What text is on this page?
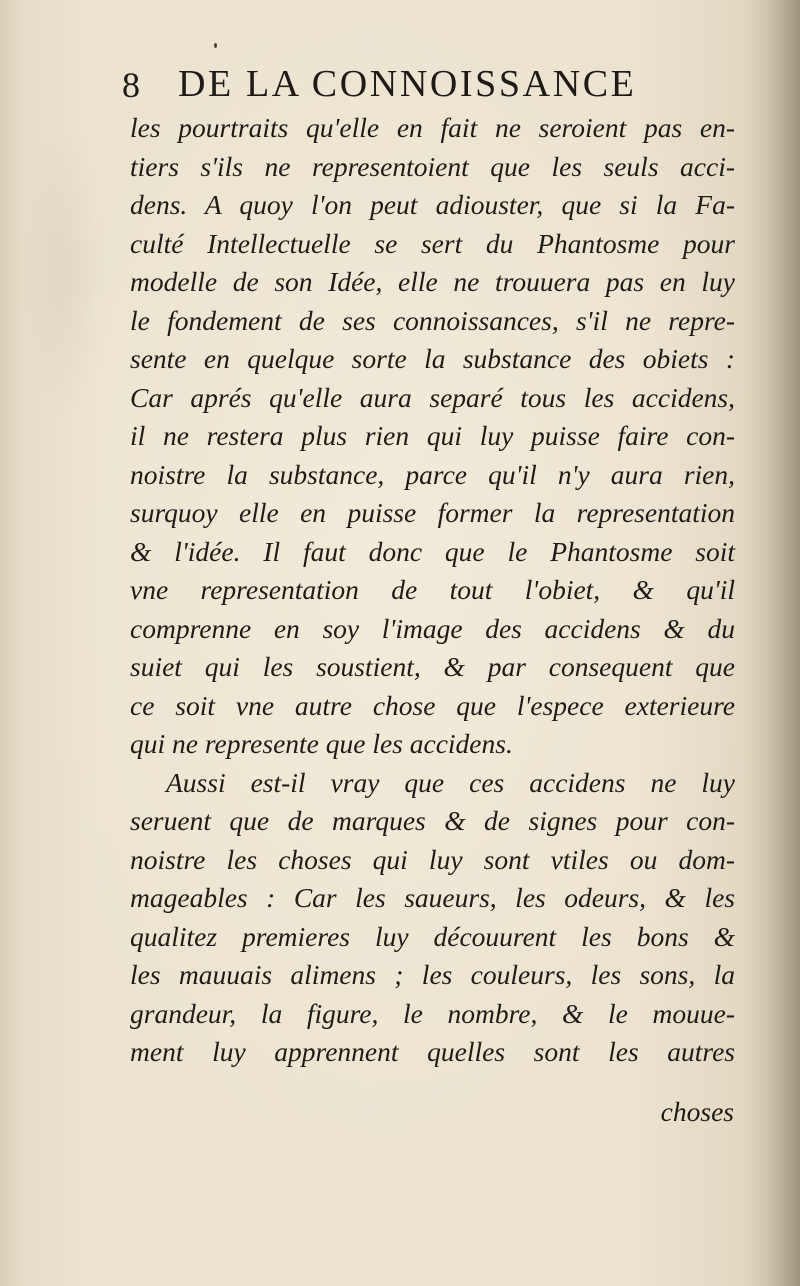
8 DE LA CONNOISSANCE
les pourtraits qu'elle en fait ne seroient pas en-
tiers s'ils ne representoient que les seuls acci-
dens. A quoy l'on peut adiouster, que si la Fa-
culté Intellectuelle se sert du Phantosme pour
modelle de son Idée, elle ne trouuera pas en luy
le fondement de ses connoissances, s'il ne repre-
sente en quelque sorte la substance des obiets :
Car aprés qu'elle aura separé tous les accidens,
il ne restera plus rien qui luy puisse faire con-
noistre la substance, parce qu'il n'y aura rien,
surquoy elle en puisse former la representation
& l'idée. Il faut donc que le Phantosme soit
vne representation de tout l'obiet, & qu'il
comprenne en soy l'image des accidens & du
suiet qui les soustient, & par consequent que
ce soit vne autre chose que l'espece exterieure
qui ne represente que les accidens.
Aussi est-il vray que ces accidens ne luy
seruent que de marques & de signes pour con-
noistre les choses qui luy sont vtiles ou dom-
mageables : Car les saueurs, les odeurs, & les
qualitez premieres luy découurent les bons &
les mauuais alimens ; les couleurs, les sons, la
grandeur, la figure, le nombre, & le mouue-
ment luy apprennent quelles sont les autres
choses
